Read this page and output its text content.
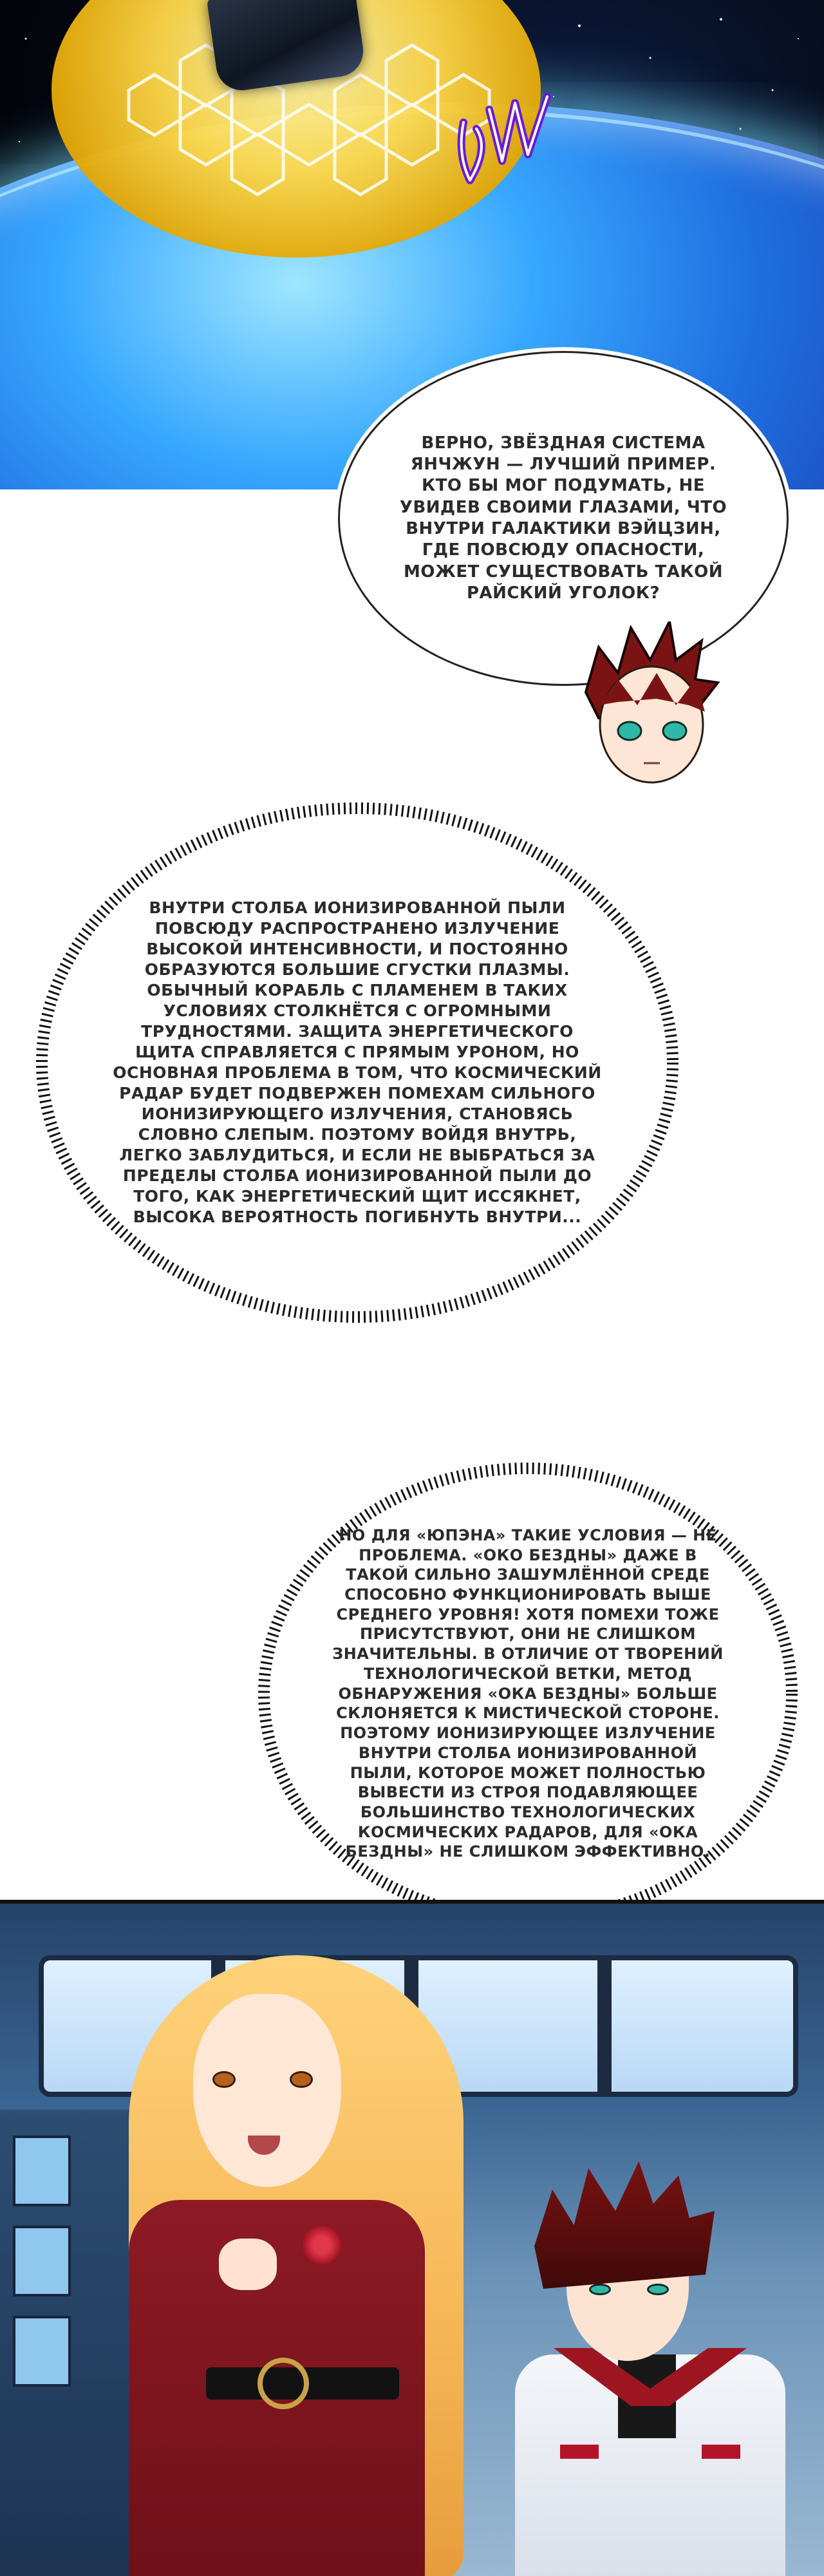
ВЕРНО, ЗВЁЗДНАЯ СИСТЕМА ЯНЧЖУН — ЛУЧШИЙ ПРИМЕР. КТО БЫ МОГ ПОДУМАТЬ, НЕ УВИДЕВ СВОИМИ ГЛАЗАМИ, ЧТО ВНУТРИ ГАЛАКТИКИ ВЭЙЦЗИН, ГДЕ ПОВСЮДУ ОПАСНОСТИ, МОЖЕТ СУЩЕСТВОВАТЬ ТАКОЙ РАЙСКИЙ УГОЛОК?
ВНУТРИ СТОЛБА ИОНИЗИРОВАННОЙ ПЫЛИ ПОВСЮДУ РАСПРОСТРАНЕНО ИЗЛУЧЕНИЕ ВЫСОКОЙ ИНТЕНСИВНОСТИ, И ПОСТОЯННО ОБРАЗУЮТСЯ БОЛЬШИЕ СГУСТКИ ПЛАЗМЫ. ОБЫЧНЫЙ КОРАБЛЬ С ПЛАМЕНЕМ В ТАКИХ УСЛОВИЯХ СТОЛКНЁТСЯ С ОГРОМНЫМИ ТРУДНОСТЯМИ. ЗАЩИТА ЭНЕРГЕТИЧЕСКОГО ЩИТА СПРАВЛЯЕТСЯ С ПРЯМЫМ УРОНОМ, НО ОСНОВНАЯ ПРОБЛЕМА В ТОМ, ЧТО КОСМИЧЕСКИЙ РАДАР БУДЕТ ПОДВЕРЖЕН ПОМЕХАМ СИЛЬНОГО ИОНИЗИРУЮЩЕГО ИЗЛУЧЕНИЯ, СТАНОВЯСЬ СЛОВНО СЛЕПЫМ. ПОЭТОМУ ВОЙДЯ ВНУТРЬ, ЛЕГКО ЗАБЛУДИТЬСЯ, И ЕСЛИ НЕ ВЫБРАТЬСЯ ЗА ПРЕДЕЛЫ СТОЛБА ИОНИЗИРОВАННОЙ ПЫЛИ ДО ТОГО, КАК ЭНЕРГЕТИЧЕСКИЙ ЩИТ ИССЯКНЕТ, ВЫСОКА ВЕРОЯТНОСТЬ ПОГИБНУТЬ ВНУТРИ...
НО ДЛЯ «ЮПЭНА» ТАКИЕ УСЛОВИЯ — НЕ ПРОБЛЕМА. «ОКО БЕЗДНЫ» ДАЖЕ В ТАКОЙ СИЛЬНО ЗАШУМЛЁННОЙ СРЕДЕ СПОСОБНО ФУНКЦИОНИРОВАТЬ ВЫШЕ СРЕДНЕГО УРОВНЯ! ХОТЯ ПОМЕХИ ТОЖЕ ПРИСУТСТВУЮТ, ОНИ НЕ СЛИШКОМ ЗНАЧИТЕЛЬНЫ. В ОТЛИЧИЕ ОТ ТВОРЕНИЙ ТЕХНОЛОГИЧЕСКОЙ ВЕТКИ, МЕТОД ОБНАРУЖЕНИЯ «ОКА БЕЗДНЫ» БОЛЬШЕ СКЛОНЯЕТСЯ К МИСТИЧЕСКОЙ СТОРОНЕ. ПОЭТОМУ ИОНИЗИРУЮЩЕЕ ИЗЛУЧЕНИЕ ВНУТРИ СТОЛБА ИОНИЗИРОВАННОЙ ПЫЛИ, КОТОРОЕ МОЖЕТ ПОЛНОСТЬЮ ВЫВЕСТИ ИЗ СТРОЯ ПОДАВЛЯЮЩЕЕ БОЛЬШИНСТВО ТЕХНОЛОГИЧЕСКИХ КОСМИЧЕСКИХ РАДАРОВ, ДЛЯ «ОКА БЕЗДНЫ» НЕ СЛИШКОМ ЭФФЕКТИВНО.
